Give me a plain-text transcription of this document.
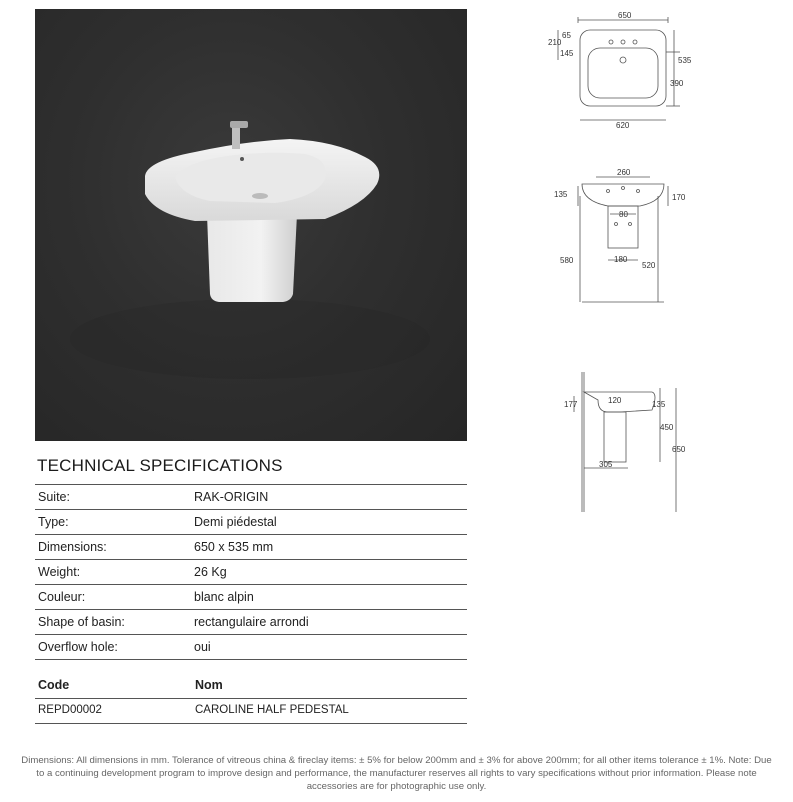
650
210
65
145
535
390
620
260
135	170
80
580	180
520
177	120	135
450
650
305
TECHNICAL SPECIFICATIONS
Suite:	RAK-ORIGIN
Type:	Demi piédestal
Dimensions:	650 x 535 mm
Weight:	26 Kg
Couleur:	blanc alpin
Shape of basin:	rectangulaire arrondi
Overflow hole:	oui
Code	Nom
REPD00002	CAROLINE HALF PEDESTAL
Dimensions: All dimensions in mm. Tolerance of vitreous china & fireclay items: ± 5% for below 200mm and ± 3% for above 200mm; for all other items tolerance ± 1%. Note: Due to a continuing development program to improve design and performance, the manufacturer reserves all rights to vary specifications without prior information. Please note accessories are for photographic use only.
